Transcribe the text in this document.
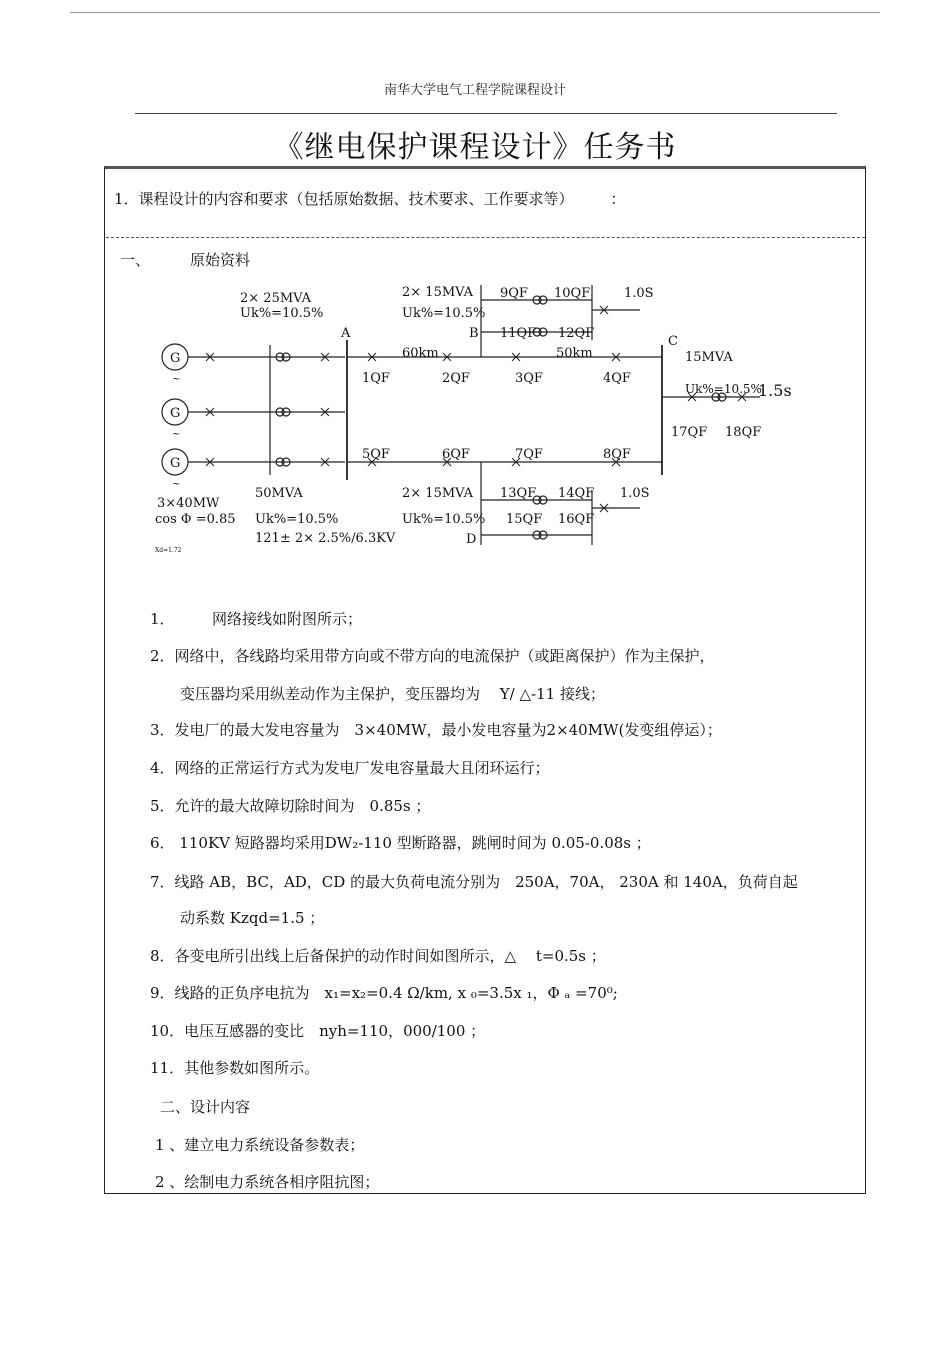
南华大学电气工程学院课程设计
《继电保护课程设计》任务书
1．课程设计的内容和要求（包括原始数据、技术要求、工作要求等） ：
一、	原始资料
G
G
G
~
~
~
3×40MW
cos Φ =0.85
Xd=1.72
2× 25MVA
Uk%=10.5%
50MVA
Uk%=10.5%
121± 2× 2.5%/6.3KV
A	B
C
D
2× 15MVA
Uk%=10.5%
2× 15MVA
Uk%=10.5%
15MVA
Uk%=10.5%
60km	50km
1.0S
1.0S
1.5s
1QF	2QF	3QF	4QF
5QF	6QF	7QF	8QF
9QF 10QF
11QF 12QF
13QF 14QF
15QF 16QF
17QF 18QF
1．　　　网络接线如附图所示；
2．网络中，各线路均采用带方向或不带方向的电流保护（或距离保护）作为主保护，
变压器均采用纵差动作为主保护，变压器均为　 Y/ △-11 接线；
3．发电厂的最大发电容量为　3×40MW，最小发电容量为2×40MW(发变组停运）；
4．网络的正常运行方式为发电厂发电容量最大且闭环运行；
5．允许的最大故障切除时间为　0.85s ；
6． 110KV 短路器均采用DW₂-110 型断路器，跳闸时间为 0.05-0.08s ；
7．线路 AB，BC，AD，CD 的最大负荷电流分别为　250A，70A， 230A 和 140A，负荷自起
动系数 Kzqd=1.5 ；
8．各变电所引出线上后备保护的动作时间如图所示，△　 t=0.5s ；
9．线路的正负序电抗为　x₁=x₂=0.4 Ω/km, x ₀=3.5x ₁，Φ ₐ =70⁰;
10．电压互感器的变比　nyh=110，000/100 ；
11．其他参数如图所示。
二、设计内容
1 、建立电力系统设备参数表；
2 、绘制电力系统各相序阻抗图；
